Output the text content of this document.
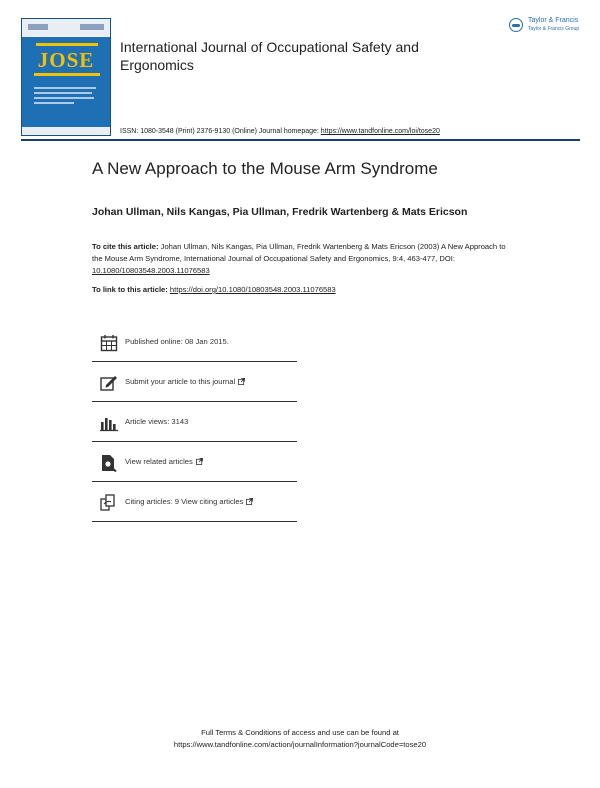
JOSE
International Journal of Occupational Safety and Ergonomics
Taylor & Francis
Taylor & Francis Group
ISSN: 1080-3548 (Print) 2376-9130 (Online) Journal homepage: https://www.tandfonline.com/loi/tose20
A New Approach to the Mouse Arm Syndrome
Johan Ullman, Nils Kangas, Pia Ullman, Fredrik Wartenberg & Mats Ericson
To cite this article: Johan Ullman, Nils Kangas, Pia Ullman, Fredrik Wartenberg & Mats Ericson (2003) A New Approach to the Mouse Arm Syndrome, International Journal of Occupational Safety and Ergonomics, 9:4, 463-477, DOI: 10.1080/10803548.2003.11076583
To link to this article: https://doi.org/10.1080/10803548.2003.11076583
Published online: 08 Jan 2015.
Submit your article to this journal
Article views: 3143
View related articles
Citing articles: 9 View citing articles
Full Terms & Conditions of access and use can be found at
https://www.tandfonline.com/action/journalInformation?journalCode=tose20
